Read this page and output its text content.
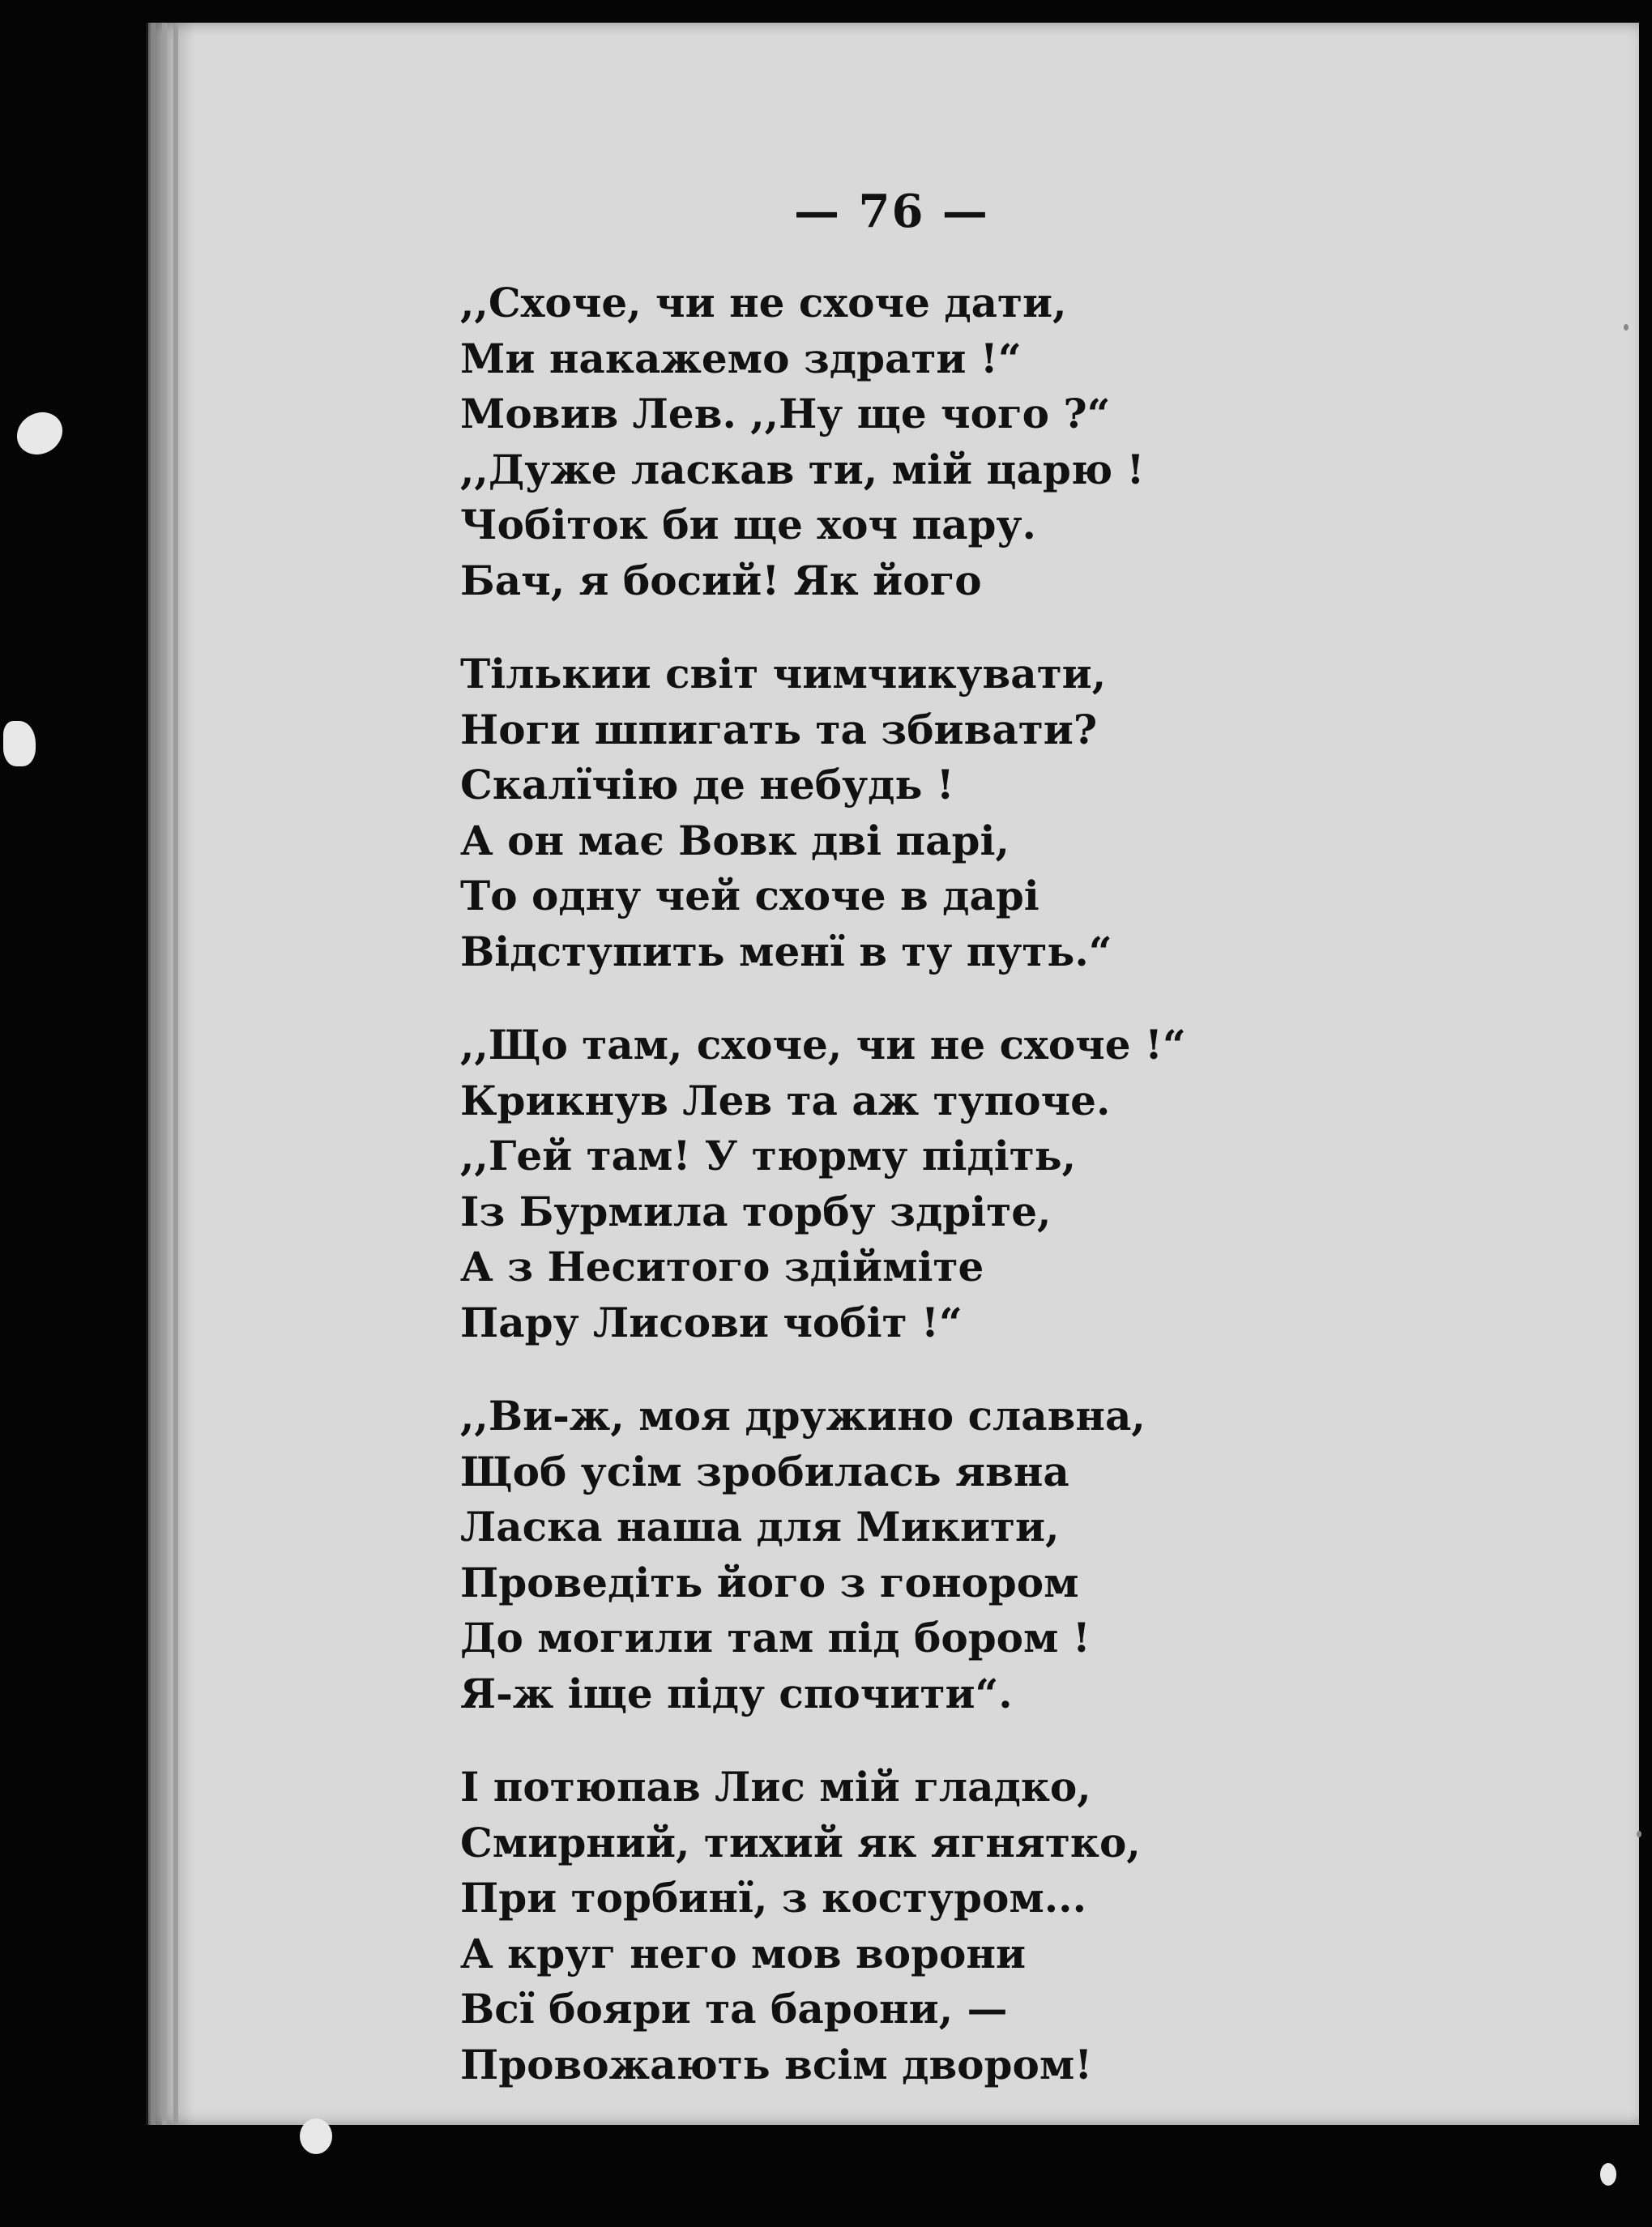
— 76 —
,,Схоче, чи не схоче дати,
Ми накажемо здрати !“
Мовив Лев. ,,Ну ще чого ?“
,,Дуже ласкав ти, мій царю !
Чобіток би ще хоч пару.
Бач, я босий! Як його
Тількии світ чимчикувати,
Ноги шпигать та збивати?
Скалїчію де небудь !
А он має Вовк дві парі,
То одну чей схоче в дарі
Відступить менї в ту путь.“
,,Що там, схоче, чи не схоче !“
Крикнув Лев та аж тупоче.
,,Гей там! У тюрму підіть,
Із Бурмила торбу здріте,
А з Неситого здійміте
Пару Лисови чобіт !“
,,Ви-ж, моя дружино славна,
Щоб усім зробилась явна
Ласка наша для Микити,
Проведіть його з гонором
До могили там під бором !
Я-ж іще піду спочити“.
І потюпав Лис мій гладко,
Смирний, тихий як ягнятко,
При торбинї, з костуром...
А круг него мов ворони
Всї бояри та барони, —
Провожають всім двором!
